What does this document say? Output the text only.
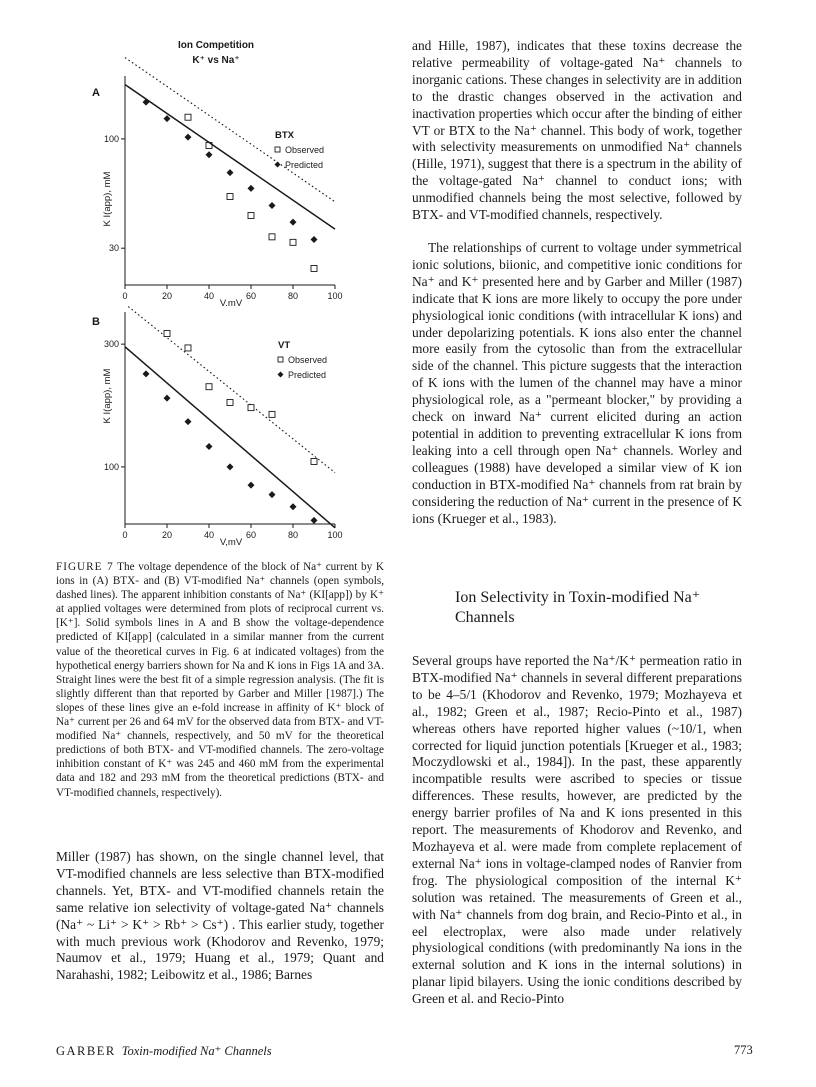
Ion Competition
K⁺ vs Na⁺
A
BTX
Observed
Predicted
K I(app), mM
V,mV
0	20	40	60	80	100
100
30
B
VT
Observed
Predicted
K I(app), mM
V,mV
0	20	40	60	80	100
300
100
FIGURE 7 The voltage dependence of the block of Na⁺ current by K ions in (A) BTX- and (B) VT-modified Na⁺ channels (open symbols, dashed lines). The apparent inhibition constants of Na⁺ (KI[app]) by K⁺ at applied voltages were determined from plots of reciprocal current vs. [K⁺]. Solid symbols lines in A and B show the voltage-dependence predicted of KI[app] (calculated in a similar manner from the current value of the theoretical curves in Fig. 6 at indicated voltages) from the hypothetical energy barriers shown for Na and K ions in Figs 1A and 3A. Straight lines were the best fit of a simple regression analysis. (The fit is slightly different than that reported by Garber and Miller [1987].) The slopes of these lines give an e-fold increase in affinity of K⁺ block of Na⁺ current per 26 and 64 mV for the observed data from BTX- and VT-modified Na⁺ channels, respectively, and 50 mV for the theoretical predictions of both BTX- and VT-modified channels. The zero-voltage inhibition constant of K⁺ was 245 and 460 mM from the experimental data and 182 and 293 mM from the theoretical predictions (BTX- and VT-modified channels, respectively).
Miller (1987) has shown, on the single channel level, that VT-modified channels are less selective than BTX-modified channels. Yet, BTX- and VT-modified channels retain the same relative ion selectivity of voltage-gated Na⁺ channels (Na⁺ ~ Li⁺ > K⁺ > Rb⁺ > Cs⁺) . This earlier study, together with much previous work (Khodorov and Revenko, 1979; Naumov et al., 1979; Huang et al., 1979; Quant and Narahashi, 1982; Leibowitz et al., 1986; Barnes
and Hille, 1987), indicates that these toxins decrease the relative permeability of voltage-gated Na⁺ channels to inorganic cations. These changes in selectivity are in addition to the drastic changes observed in the activation and inactivation properties which occur after the binding of either VT or BTX to the Na⁺ channel. This body of work, together with selectivity measurements on unmodified Na⁺ channels (Hille, 1971), suggest that there is a spectrum in the ability of the voltage-gated Na⁺ channel to conduct ions; with unmodified channels being the most selective, followed by BTX- and VT-modified channels, respectively.
The relationships of current to voltage under symmetrical ionic solutions, biionic, and competitive ionic conditions for Na⁺ and K⁺ presented here and by Garber and Miller (1987) indicate that K ions are more likely to occupy the pore under physiological ionic conditions (with intracellular K ions) and under depolarizing potentials. K ions also enter the channel more easily from the cytosolic than from the extracellular side of the channel. This picture suggests that the interaction of K ions with the lumen of the channel may have a minor physiological role, as a "permeant blocker," by providing a check on inward Na⁺ current elicited during an action potential in addition to preventing extracellular K ions from leaking into a cell through open Na⁺ channels. Worley and colleagues (1988) have developed a similar view of K ion conduction in BTX-modified Na⁺ channels from rat brain by considering the reduction of Na⁺ current in the presence of K ions (Krueger et al., 1983).
Ion Selectivity in Toxin-modified Na⁺ Channels
Several groups have reported the Na⁺/K⁺ permeation ratio in BTX-modified Na⁺ channels in several different preparations to be 4–5/1 (Khodorov and Revenko, 1979; Mozhayeva et al., 1982; Green et al., 1987; Recio-Pinto et al., 1987) whereas others have reported higher values (~10/1, when corrected for liquid junction potentials [Krueger et al., 1983; Moczydlowski et al., 1984]). In the past, these apparently incompatible results were ascribed to species or tissue differences. These results, however, are predicted by the energy barrier profiles of Na and K ions presented in this report. The measurements of Khodorov and Revenko, and Mozhayeva et al. were made from complete replacement of external Na⁺ ions in voltage-clamped nodes of Ranvier from frog. The physiological composition of the internal K⁺ solution was retained. The measurements of Green et al., with Na⁺ channels from dog brain, and Recio-Pinto et al., in eel electroplax, were also made under relatively physiological conditions (with predominantly Na ions in the external solution and K ions in the internal solutions) in planar lipid bilayers. Using the ionic conditions described by Green et al. and Recio-Pinto
GARBER Toxin-modified Na⁺ Channels	773
